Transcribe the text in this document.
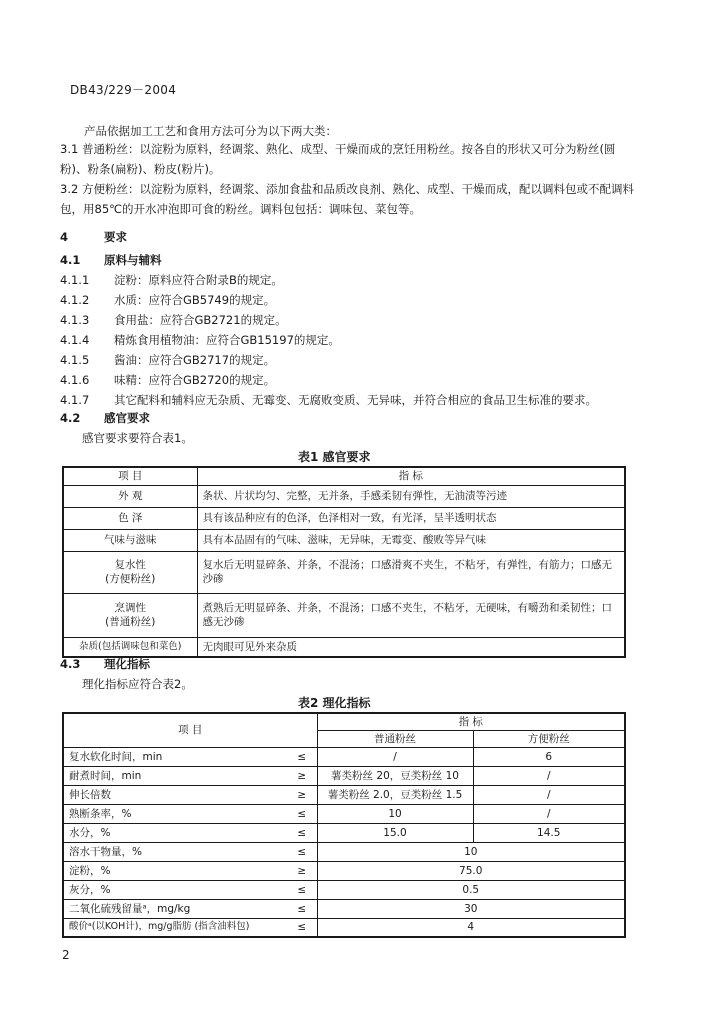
DB43/229－2004
产品依据加工工艺和食用方法可分为以下两大类：
3.1 普通粉丝：以淀粉为原料，经调浆、熟化、成型、干燥而成的烹饪用粉丝。按各自的形状又可分为粉丝(圆粉)、粉条(扁粉)、粉皮(粉片)。
3.2 方便粉丝：以淀粉为原料，经调浆、添加食盐和品质改良剂、熟化、成型、干燥而成，配以调料包或不配调料包，用85℃的开水冲泡即可食的粉丝。调料包包括：调味包、菜包等。
4	要求
4.1 原料与辅料
4.1.1 淀粉：原料应符合附录B的规定。
4.1.2 水质：应符合GB5749的规定。
4.1.3 食用盐：应符合GB2721的规定。
4.1.4 精炼食用植物油：应符合GB15197的规定。
4.1.5 酱油：应符合GB2717的规定。
4.1.6 味精：应符合GB2720的规定。
4.1.7 其它配料和辅料应无杂质、无霉变、无腐败变质、无异味，并符合相应的食品卫生标准的要求。
4.2 感官要求
感官要求要符合表1。
表1 感官要求
项 目	指 标
外 观	条状、片状均匀、完整，无并条，手感柔韧有弹性，无油渍等污迹
色 泽	具有该品种应有的色泽，色泽相对一致，有光泽，呈半透明状态
气味与滋味	具有本品固有的气味、滋味，无异味，无霉变、酸败等异气味

复水性
(方便粉丝)	复水后无明显碎条、并条，不混汤；口感滑爽不夹生，不粘牙，有弹性，有筋力；口感无沙碜

烹调性
(普通粉丝)	煮熟后无明显碎条、并条，不混汤；口感不夹生，不粘牙，无硬味，有嚼劲和柔韧性；口感无沙碜
杂质(包括调味包和菜色)	无肉眼可见外来杂质
4.3 理化指标
理化指标应符合表2。
表2 理化指标
项 目		指 标	
		普通粉丝	方便粉丝
复水软化时间，min	≤	/	6
耐煮时间，min	≥	薯类粉丝 20，豆类粉丝 10	/
伸长倍数	≥	薯类粉丝 2.0，豆类粉丝 1.5	/
熟断条率，%	≤	10	/
水分，%	≤	15.0	14.5
溶水干物量，%	≤	10	
淀粉，%	≥	75.0	
灰分，%	≤	0.5	
二氧化硫残留量ᵃ，mg/kg	≤	30	
酸价ᵃ(以KOH计)，mg/g脂肪 (指含油料包)	≤	4	
2
